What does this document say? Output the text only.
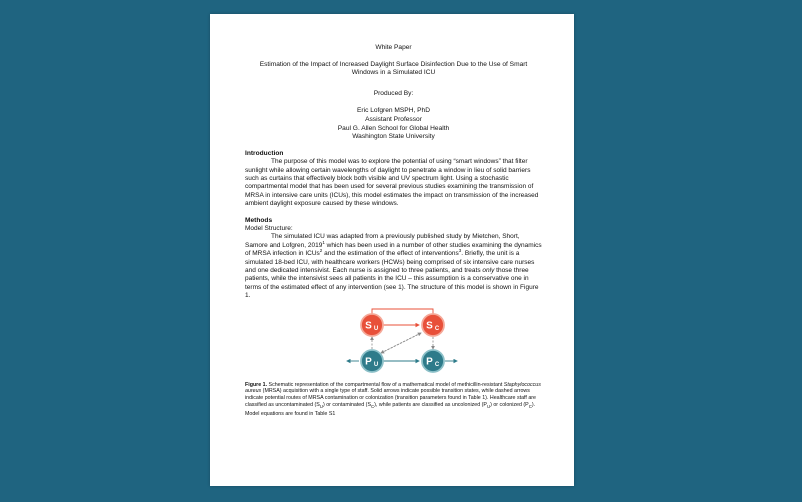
White Paper
Estimation of the Impact of Increased Daylight Surface Disinfection Due to the Use of Smart Windows in a Simulated ICU
Produced By:
Eric Lofgren MSPH, PhD
Assistant Professor
Paul G. Allen School for Global Health
Washington State University
Introduction

The purpose of this model was to explore the potential of using “smart windows” that filter sunlight while allowing certain wavelengths of daylight to penetrate a window in lieu of solid barriers such as curtains that effectively block both visible and UV spectrum light. Using a stochastic compartmental model that has been used for several previous studies examining the transmission of MRSA in intensive care units (ICUs), this model estimates the impact on transmission of the increased ambient daylight exposure caused by these windows.

Methods
Model Structure:

The simulated ICU was adapted from a previously published study by Mietchen, Short, Samore and Lofgren, 2019$^1$ which has been used in a number of other studies examining the dynamics of MRSA infection in ICUs$^2$ and the estimation of the effect of interventions$^3$. Briefly, the unit is a simulated 18-bed ICU, with healthcare workers (HCWs) being comprised of six intensive care nurses and one dedicated intensivist. Each nurse is assigned to three patients, and treats only those three patients, while the intensivist sees all patients in the ICU – this assumption is a conservative one in terms of the estimated effect of any intervention (see 1). The structure of this model is shown in Figure 1.

S U	S C
P U	P C
Figure 1. Schematic representation of the compartmental flow of a mathematical model of methicillin-resistant Staphylococcus aureus (MRSA) acquisition with a single type of staff. Solid arrows indicate possible transition states, while dashed arrows indicate potential routes of MRSA contamination or colonization (transition parameters found in Table 1). Healthcare staff are classified as uncontaminated $(S_U)$ or contaminated $(S_C)$, while patients are classified as uncolonized $(P_U)$ or colonized $(P_C)$. Model equations are found in Table S1
